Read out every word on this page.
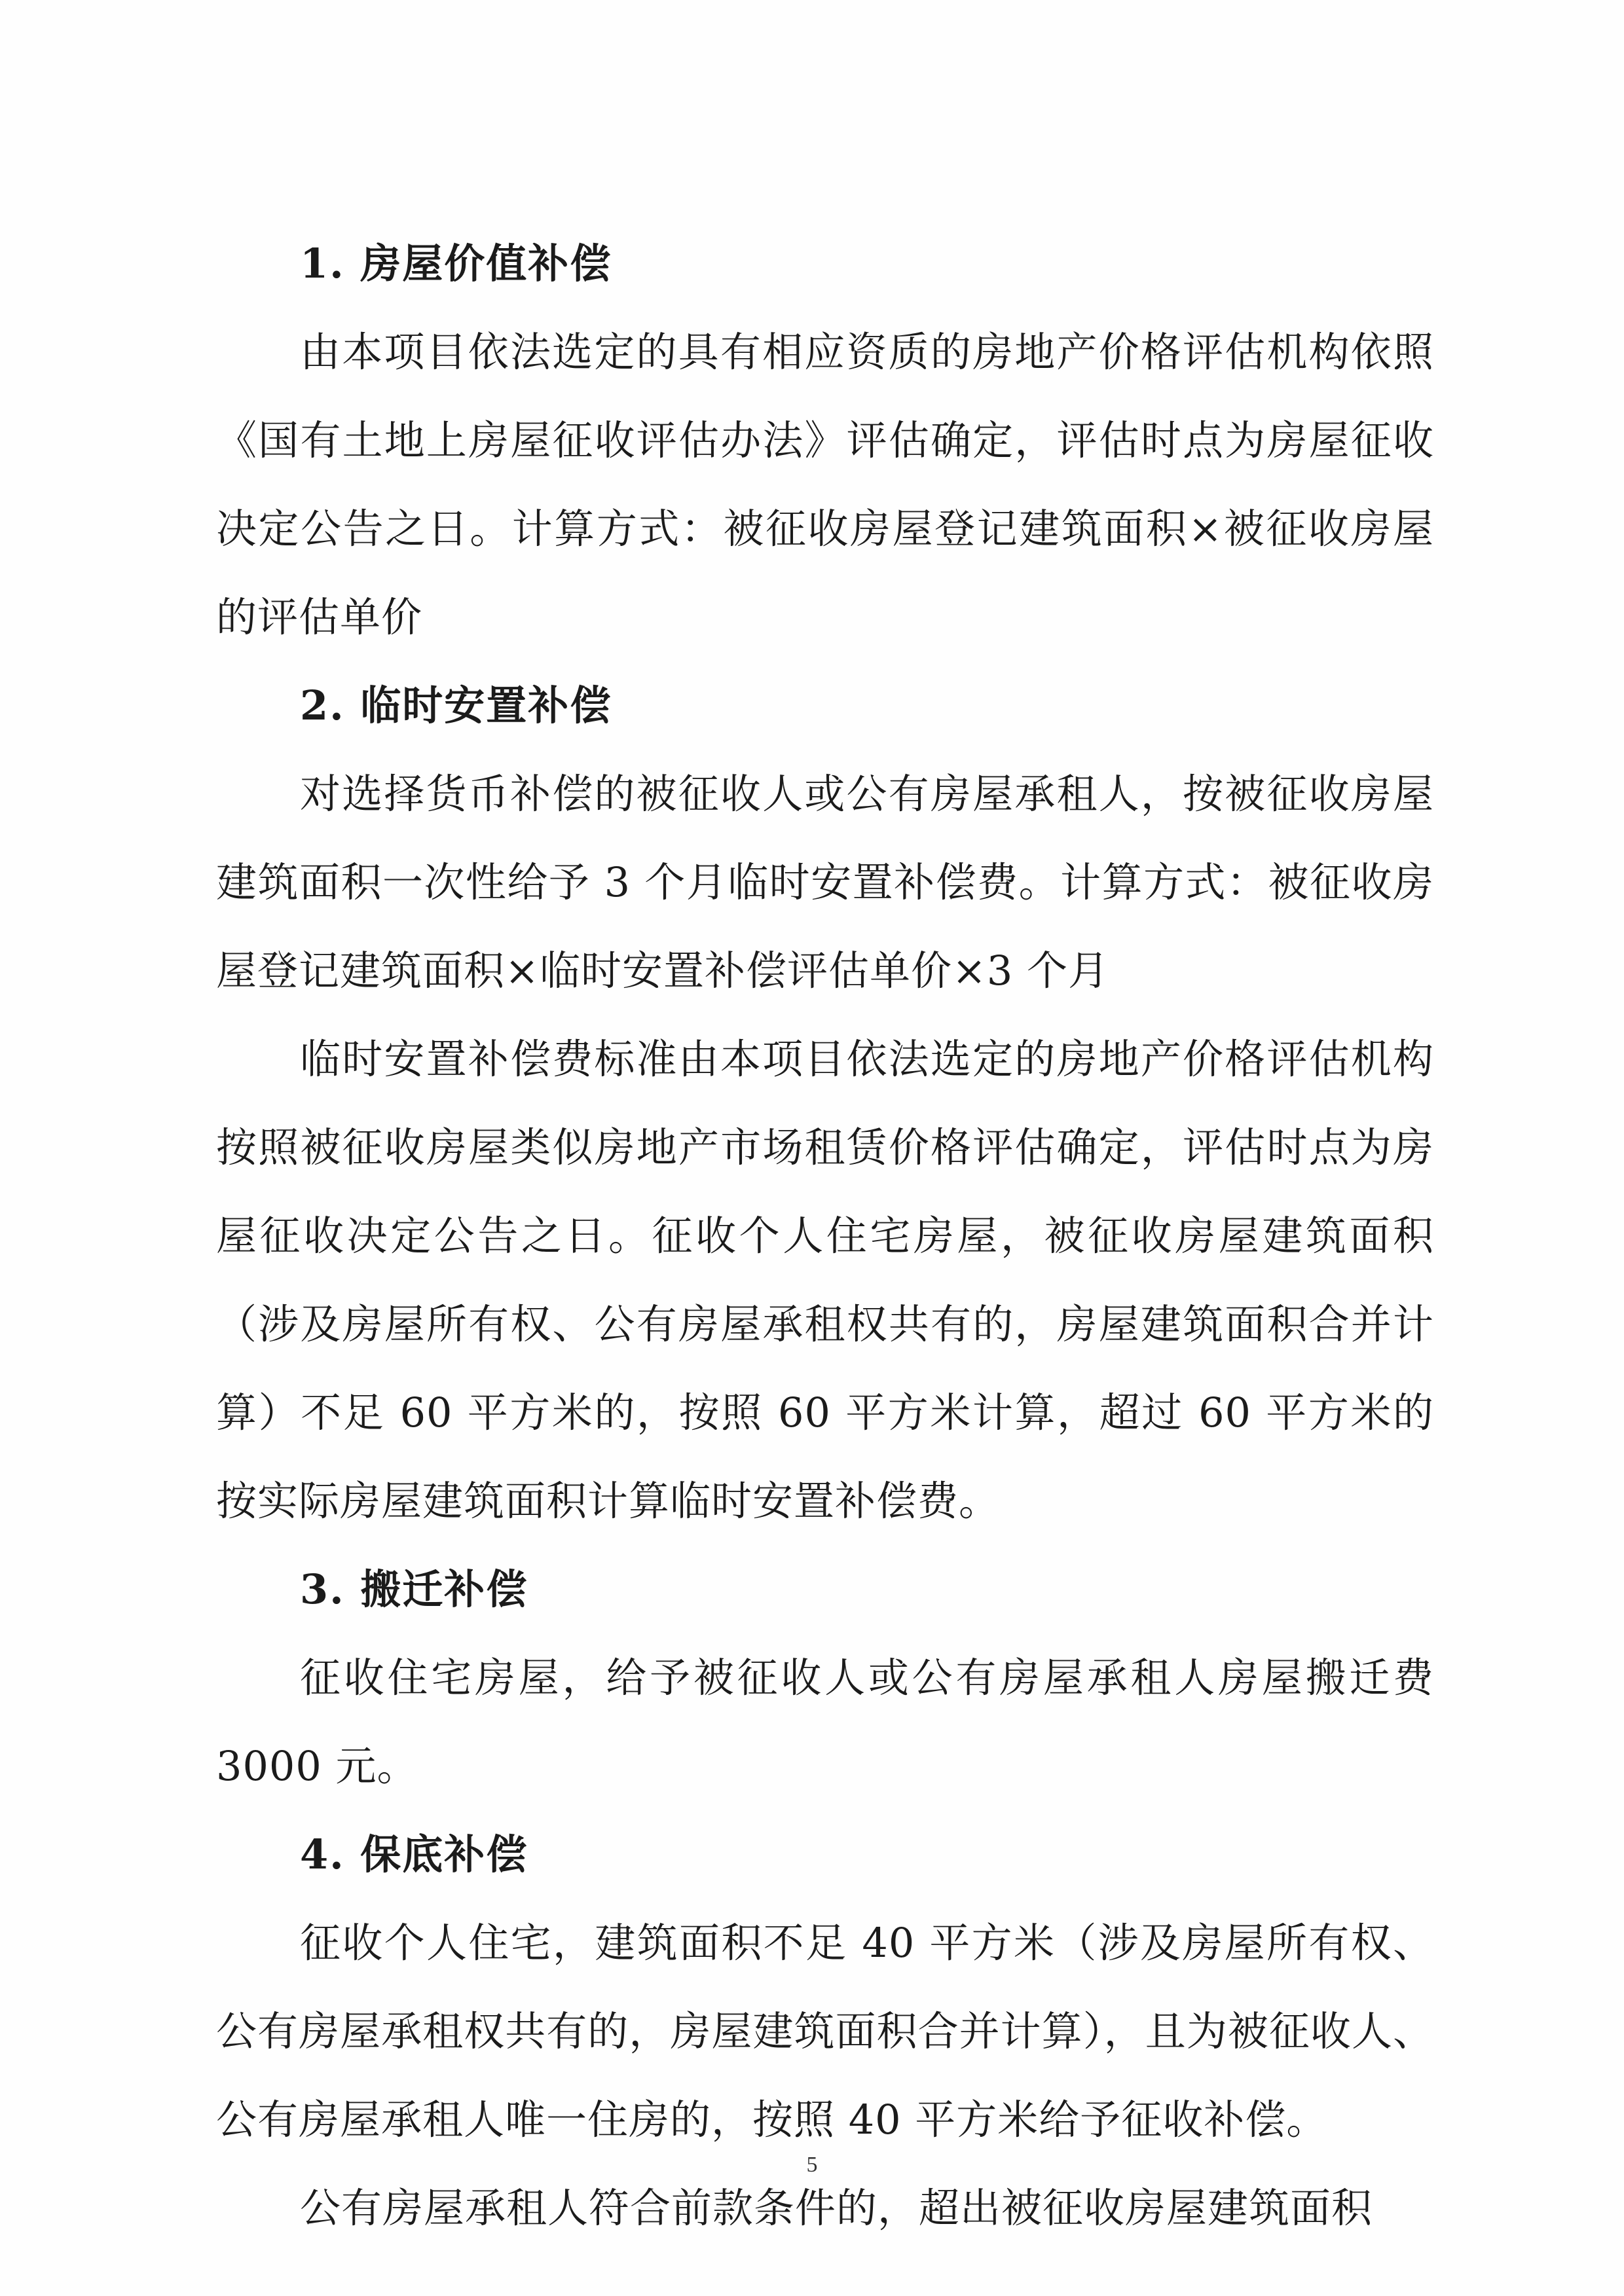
1. 房屋价值补偿

由本项目依法选定的具有相应资质的房地产价格评估机构依照《国有土地上房屋征收评估办法》评估确定，评估时点为房屋征收决定公告之日。计算方式：被征收房屋登记建筑面积×被征收房屋的评估单价

2. 临时安置补偿

对选择货币补偿的被征收人或公有房屋承租人，按被征收房屋建筑面积一次性给予 3 个月临时安置补偿费。计算方式：被征收房屋登记建筑面积×临时安置补偿评估单价×3 个月

临时安置补偿费标准由本项目依法选定的房地产价格评估机构按照被征收房屋类似房地产市场租赁价格评估确定，评估时点为房屋征收决定公告之日。征收个人住宅房屋，被征收房屋建筑面积（涉及房屋所有权、公有房屋承租权共有的，房屋建筑面积合并计算）不足 60 平方米的，按照 60 平方米计算，超过 60 平方米的按实际房屋建筑面积计算临时安置补偿费。

3. 搬迁补偿

征收住宅房屋，给予被征收人或公有房屋承租人房屋搬迁费 3000 元。

4. 保底补偿

征收个人住宅，建筑面积不足 40 平方米（涉及房屋所有权、公有房屋承租权共有的，房屋建筑面积合并计算），且为被征收人、公有房屋承租人唯一住房的，按照 40 平方米给予征收补偿。

公有房屋承租人符合前款条件的，超出被征收房屋建筑面积

5
